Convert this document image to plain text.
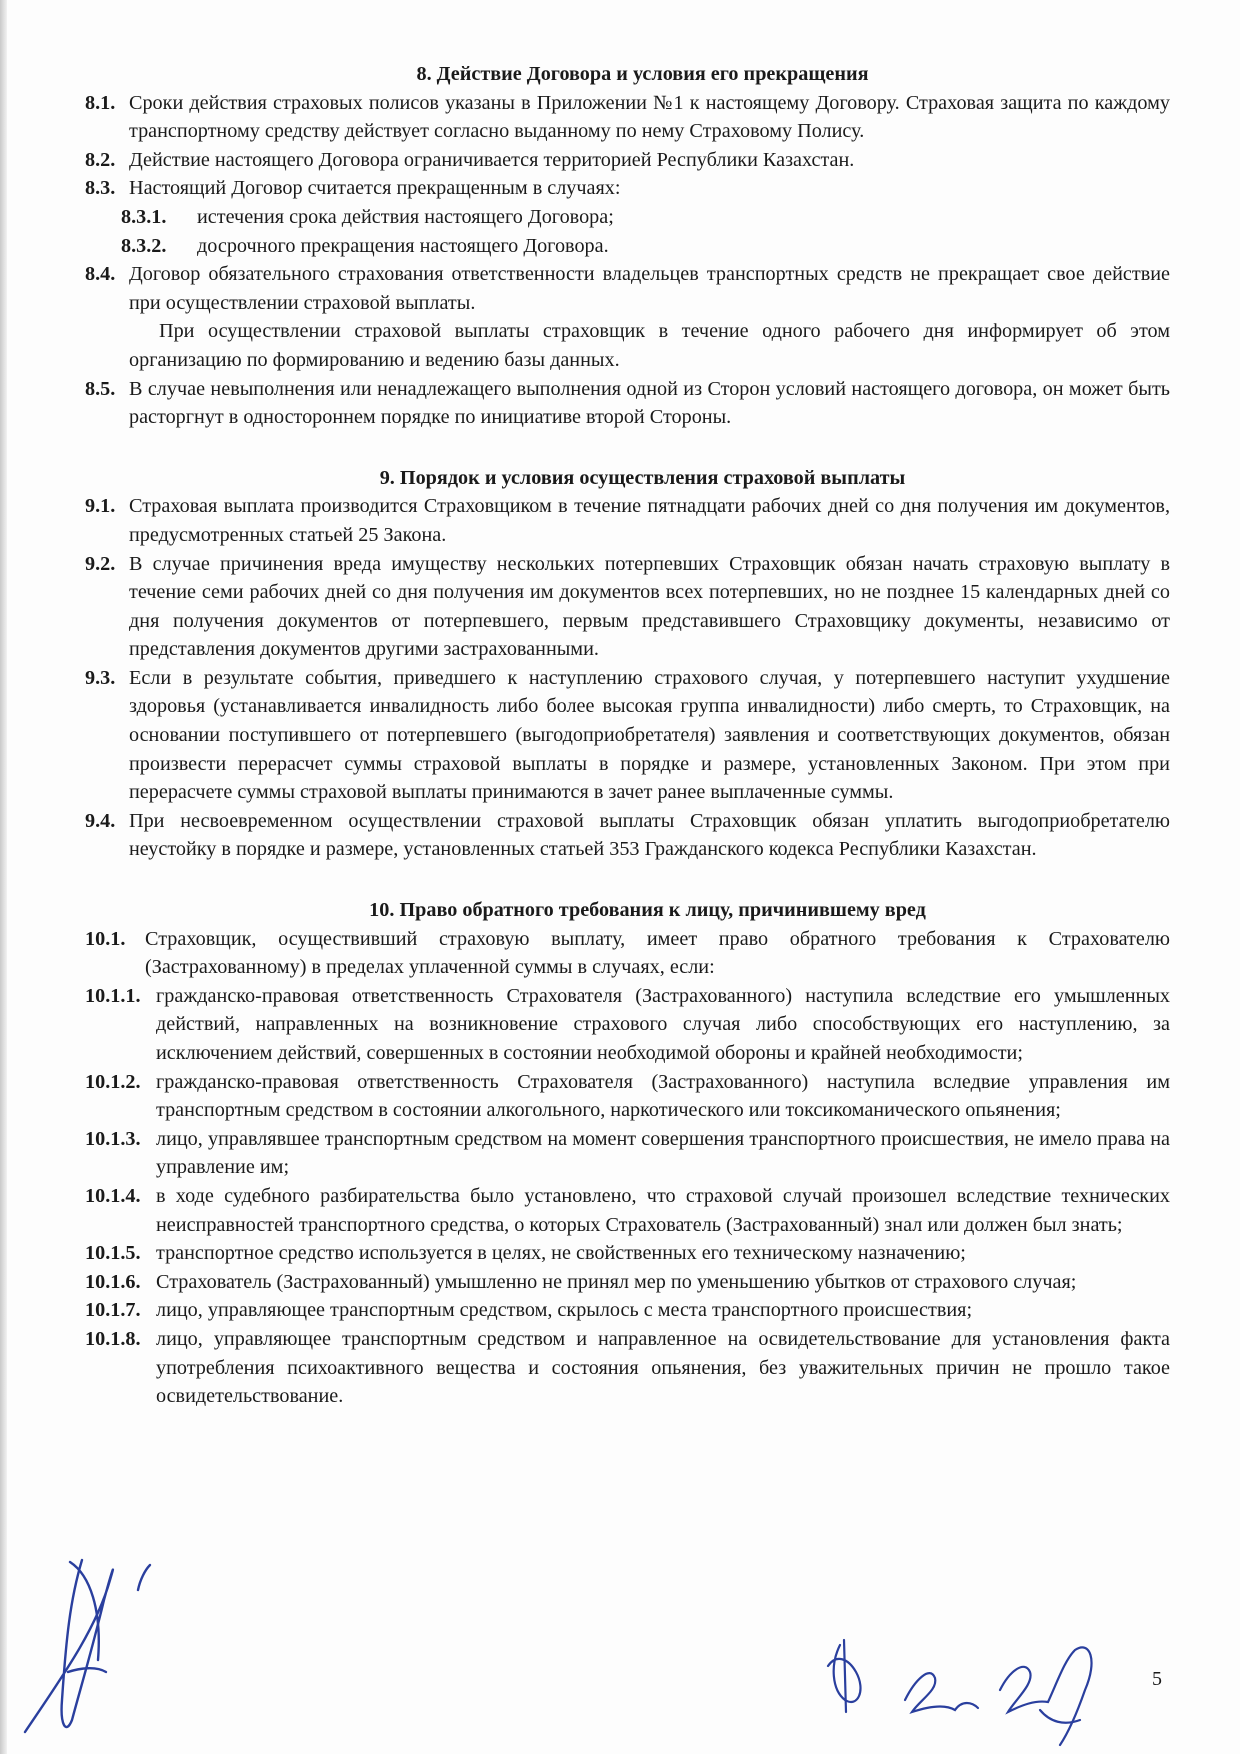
8. Действие Договора и условия его прекращения

8.1. Сроки действия страховых полисов указаны в Приложении №1 к настоящему Договору. Страховая защита по каждому транспортному средству действует согласно выданному по нему Страховому Полису.
8.2. Действие настоящего Договора ограничивается территорией Республики Казахстан.
8.3. Настоящий Договор считается прекращенным в случаях:
8.3.1.	истечения срока действия настоящего Договора;
8.3.2.	досрочного прекращения настоящего Договора.
8.4. Договор обязательного страхования ответственности владельцев транспортных средств не прекращает свое действие при осуществлении страховой выплаты.

При осуществлении страховой выплаты страховщик в течение одного рабочего дня информирует об этом организацию по формированию и ведению базы данных.

8.5. В случае невыполнения или ненадлежащего выполнения одной из Сторон условий настоящего договора, он может быть расторгнут в одностороннем порядке по инициативе второй Стороны.

9. Порядок и условия осуществления страховой выплаты

9.1. Страховая выплата производится Страховщиком в течение пятнадцати рабочих дней со дня получения им документов, предусмотренных статьей 25 Закона.
9.2. В случае причинения вреда имуществу нескольких потерпевших Страховщик обязан начать страховую выплату в течение семи рабочих дней со дня получения им документов всех потерпевших, но не позднее 15 календарных дней со дня получения документов от потерпевшего, первым представившего Страховщику документы, независимо от представления документов другими застрахованными.
9.3. Если в результате события, приведшего к наступлению страхового случая, у потерпевшего наступит ухудшение здоровья (устанавливается инвалидность либо более высокая группа инвалидности) либо смерть, то Страховщик, на основании поступившего от потерпевшего (выгодоприобретателя) заявления и соответствующих документов, обязан произвести перерасчет суммы страховой выплаты в порядке и размере, установленных Законом. При этом при перерасчете суммы страховой выплаты принимаются в зачет ранее выплаченные суммы.
9.4. При несвоевременном осуществлении страховой выплаты Страховщик обязан уплатить выгодоприобретателю неустойку в порядке и размере, установленных статьей 353 Гражданского кодекса Республики Казахстан.

10. Право обратного требования к лицу, причинившему вред

10.1. Страховщик, осуществивший страховую выплату, имеет право обратного требования к Страхователю (Застрахованному) в пределах уплаченной суммы в случаях, если:
10.1.1. гражданско-правовая ответственность Страхователя (Застрахованного) наступила вследствие его умышленных действий, направленных на возникновение страхового случая либо способствующих его наступлению, за исключением действий, совершенных в состоянии необходимой обороны и крайней необходимости;
10.1.2. гражданско-правовая ответственность Страхователя (Застрахованного) наступила вследвие управления им транспортным средством в состоянии алкогольного, наркотического или токсикоманического опьянения;
10.1.3. лицо, управлявшее транспортным средством на момент совершения транспортного происшествия, не имело права на управление им;
10.1.4. в ходе судебного разбирательства было установлено, что страховой случай произошел вследствие технических неисправностей транспортного средства, о которых Страхователь (Застрахованный) знал или должен был знать;
10.1.5. транспортное средство используется в целях, не свойственных его техническому назначению;
10.1.6. Страхователь (Застрахованный) умышленно не принял мер по уменьшению убытков от страхового случая;
10.1.7. лицо, управляющее транспортным средством, скрылось с места транспортного происшествия;
10.1.8. лицо, управляющее транспортным средством и направленное на освидетельствование для установления факта употребления психоактивного вещества и состояния опьянения, без уважительных причин не прошло такое освидетельствование.
5
